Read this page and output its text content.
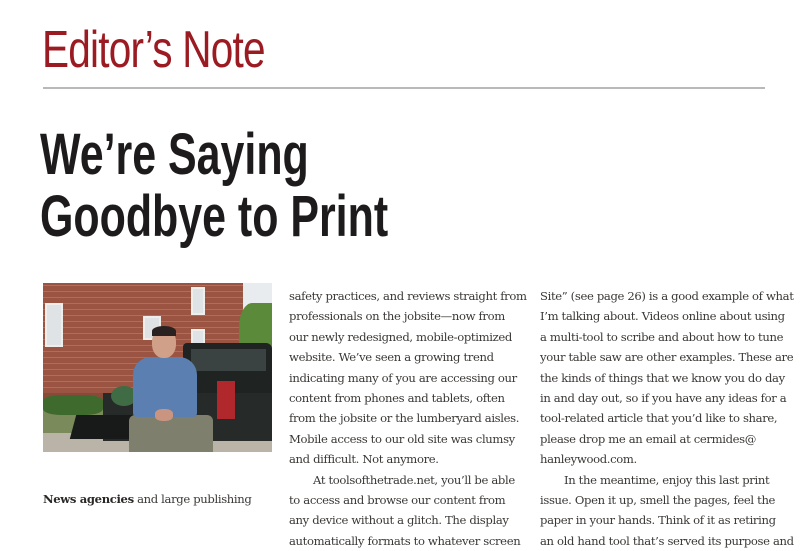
Editor’s Note
We’re Saying
Goodbye to Print
News agencies and large publishing
safety practices, and reviews straight from
professionals on the jobsite—now from
our newly redesigned, mobile-optimized
website. We’ve seen a growing trend
indicating many of you are accessing our
content from phones and tablets, often
from the jobsite or the lumberyard aisles.
Mobile access to our old site was clumsy
and difficult. Not anymore.
At toolsofthetrade.net, you’ll be able
to access and browse our content from
any device without a glitch. The display
automatically formats to whatever screen
Site” (see page 26) is a good example of what
I’m talking about. Videos online about using
a multi-tool to scribe and about how to tune
your table saw are other examples. These are
the kinds of things that we know you do day
in and day out, so if you have any ideas for a
tool-related article that you’d like to share,
please drop me an email at cermides@
hanleywood.com.
In the meantime, enjoy this last print
issue. Open it up, smell the pages, feel the
paper in your hands. Think of it as retiring
an old hand tool that’s served its purpose and
